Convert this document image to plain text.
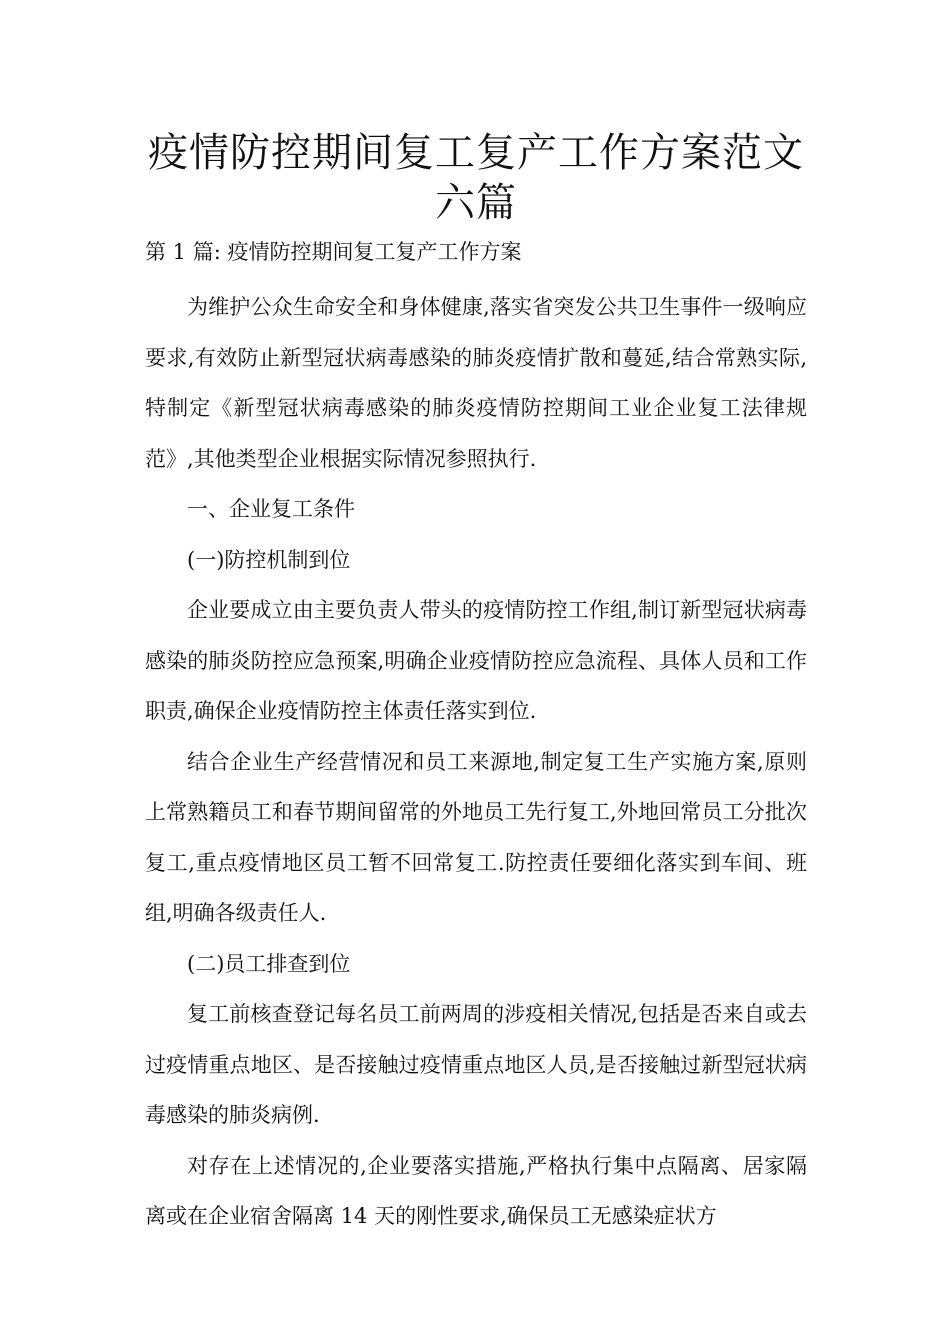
疫情防控期间复工复产工作方案范文六篇
第 1 篇: 疫情防控期间复工复产工作方案

为维护公众生命安全和身体健康,落实省突发公共卫生事件一级响应要求,有效防止新型冠状病毒感染的肺炎疫情扩散和蔓延,结合常熟实际,特制定《新型冠状病毒感染的肺炎疫情防控期间工业企业复工法律规范》,其他类型企业根据实际情况参照执行.

一、企业复工条件

(一)防控机制到位

企业要成立由主要负责人带头的疫情防控工作组,制订新型冠状病毒感染的肺炎防控应急预案,明确企业疫情防控应急流程、具体人员和工作职责,确保企业疫情防控主体责任落实到位.

结合企业生产经营情况和员工来源地,制定复工生产实施方案,原则上常熟籍员工和春节期间留常的外地员工先行复工,外地回常员工分批次复工,重点疫情地区员工暂不回常复工.防控责任要细化落实到车间、班组,明确各级责任人.

(二)员工排查到位

复工前核查登记每名员工前两周的涉疫相关情况,包括是否来自或去过疫情重点地区、是否接触过疫情重点地区人员,是否接触过新型冠状病毒感染的肺炎病例.

对存在上述情况的,企业要落实措施,严格执行集中点隔离、居家隔离或在企业宿舍隔离 14 天的刚性要求,确保员工无感染症状方
